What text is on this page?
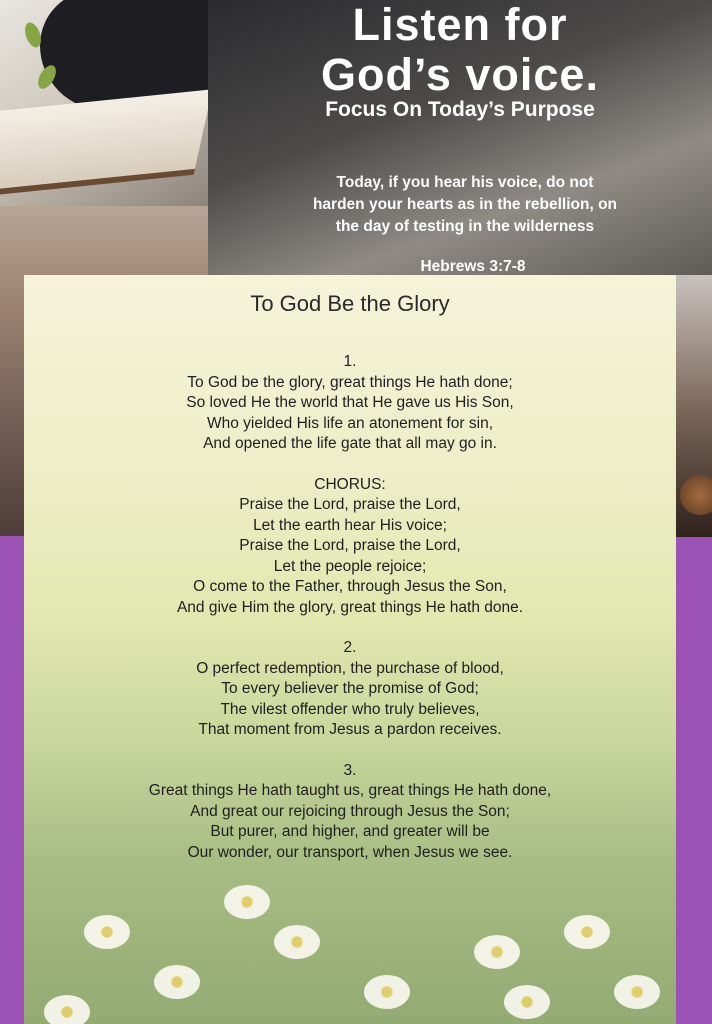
Listen for
God’s voice.
Focus On Today’s Purpose
Today, if you hear his voice, do not
harden your hearts as in the rebellion, on
the day of testing in the wilderness
Hebrews 3:7-8
To God Be the Glory
1.
To God be the glory, great things He hath done;
So loved He the world that He gave us His Son,
Who yielded His life an atonement for sin,
And opened the life gate that all may go in.
CHORUS:
Praise the Lord, praise the Lord,
Let the earth hear His voice;
Praise the Lord, praise the Lord,
Let the people rejoice;
O come to the Father, through Jesus the Son,
And give Him the glory, great things He hath done.
2.
O perfect redemption, the purchase of blood,
To every believer the promise of God;
The vilest offender who truly believes,
That moment from Jesus a pardon receives.
3.
Great things He hath taught us, great things He hath done,
And great our rejoicing through Jesus the Son;
But purer, and higher, and greater will be
Our wonder, our transport, when Jesus we see.
